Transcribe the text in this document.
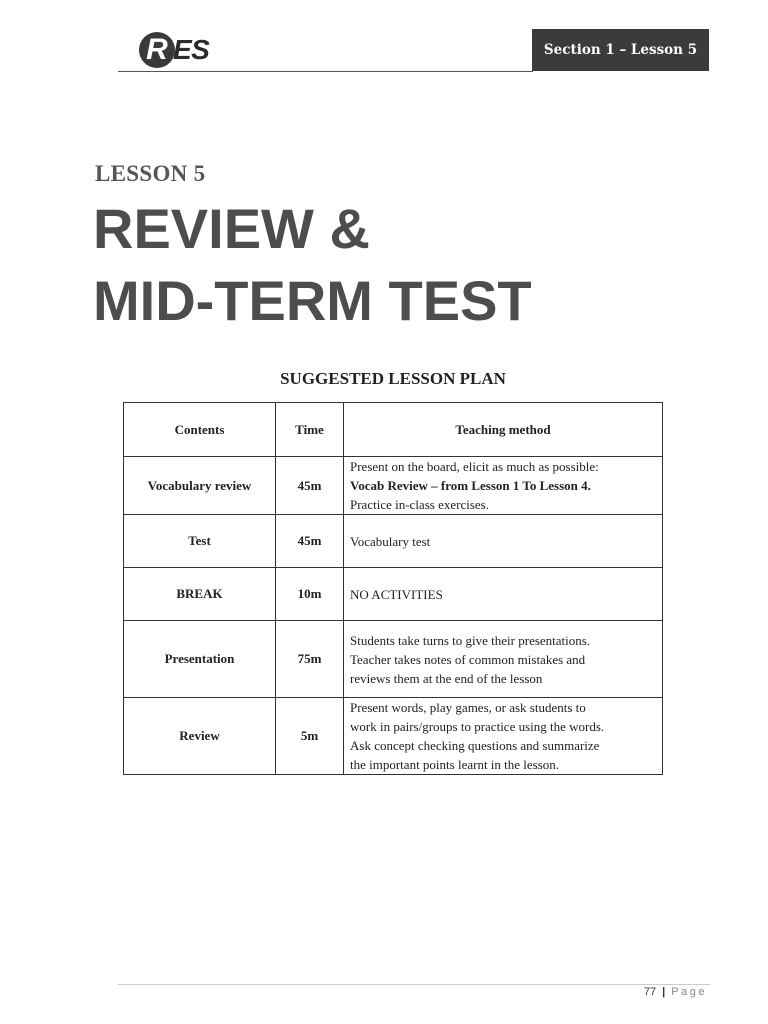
R ES	Section 1 – Lesson 5
LESSON 5
REVIEW &
MID-TERM TEST
SUGGESTED LESSON PLAN
Contents	Time	Teaching method
Vocabulary review	45m	Present on the board, elicit as much as possible:
Vocab Review – from Lesson 1 To Lesson 4.
Practice in-class exercises.
Test	45m	Vocabulary test
BREAK	10m	NO ACTIVITIES
Presentation	75m	Students take turns to give their presentations.
Teacher takes notes of common mistakes and
reviews them at the end of the lesson
Review	5m	Present words, play games, or ask students to
work in pairs/groups to practice using the words.
Ask concept checking questions and summarize
the important points learnt in the lesson.
77 | Page
